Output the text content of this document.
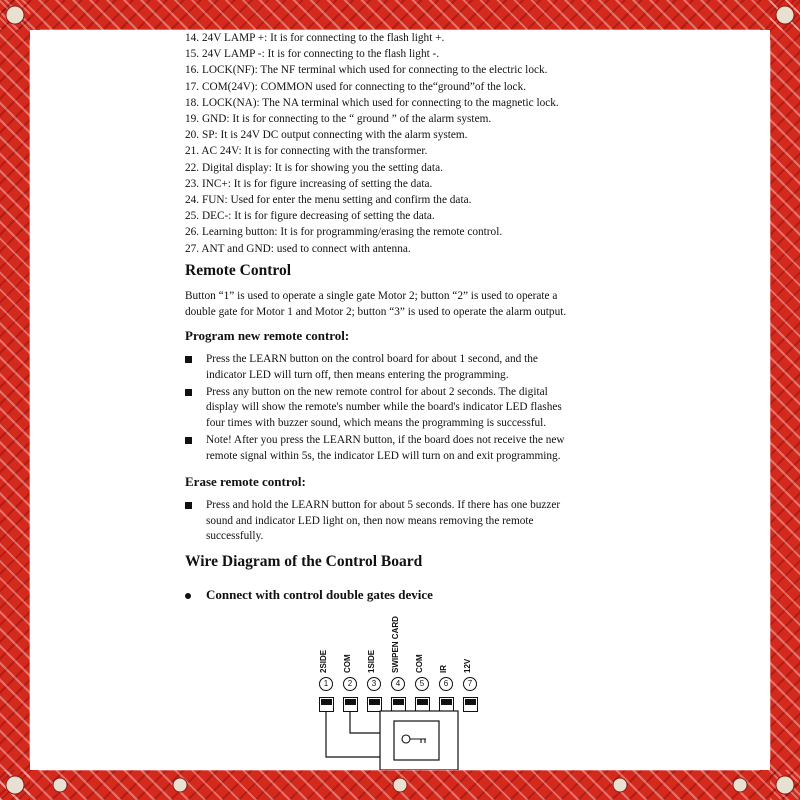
14. 24V LAMP +: It is for connecting to the flash light +.
15. 24V LAMP -: It is for connecting to the flash light -.
16. LOCK(NF): The NF terminal which used for connecting to the electric lock.
17. COM(24V): COMMON used for connecting to the“ground”of the lock.
18. LOCK(NA): The NA terminal which used for connecting to the magnetic lock.
19. GND: It is for connecting to the “ ground ” of the alarm system.
20. SP: It is 24V DC output connecting with the alarm system.
21. AC 24V: It is for connecting with the transformer.
22. Digital display: It is for showing you the setting data.
23. INC+: It is for figure increasing of setting the data.
24. FUN: Used for enter the menu setting and confirm the data.
25. DEC-: It is for figure decreasing of setting the data.
26. Learning button: It is for programming/erasing the remote control.
27. ANT and GND: used to connect with antenna.
Remote Control
Button “1” is used to operate a single gate Motor 2; button “2” is used to operate a
double gate for Motor 1 and Motor 2; button “3” is used to operate the alarm output.
Program new remote control:
Press the LEARN button on the control board for about 1 second, and the
indicator LED will turn off, then means entering the programming.
Press any button on the new remote control for about 2 seconds. The digital
display will show the remote's number while the board's indicator LED flashes
four times with buzzer sound, which means the programming is successful.
Note! After you press the LEARN button, if the board does not receive the new
remote signal within 5s, the indicator LED will turn on and exit programming.
Erase remote control:
Press and hold the LEARN button for about 5 seconds. If there has one buzzer
sound and indicator LED light on, then now means removing the remote
successfully.
Wire Diagram of the Control Board
Connect with control double gates device
2SIDE
1
COM
2
1SIDE
3
SWIPEN CARD
4
COM
5
IR
6
12V
7
